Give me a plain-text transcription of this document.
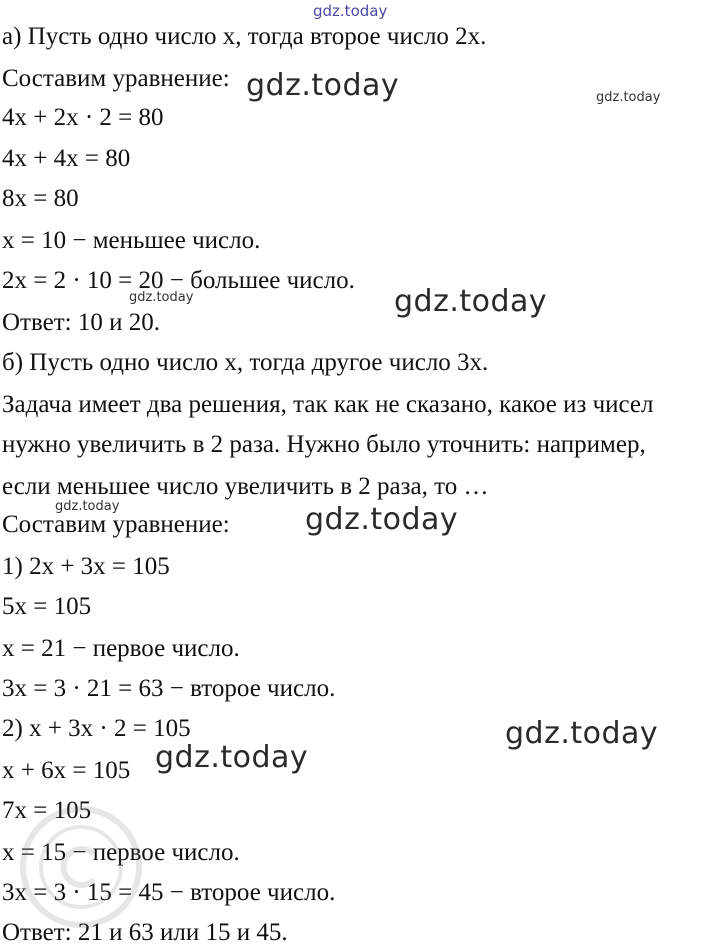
а) Пусть одно число x, тогда второе число 2x.
Составим уравнение:
4x + 2x · 2 = 80
4x + 4x = 80
8x = 80
x = 10 − меньшее число.
2x = 2 · 10 = 20 − большее число.
Ответ: 10 и 20.
б) Пусть одно число x, тогда другое число 3x.
Задача имеет два решения, так как не сказано, какое из чисел
нужно увеличить в 2 раза. Нужно было уточнить: например,
если меньшее число увеличить в 2 раза, то …
Составим уравнение:
1) 2x + 3x = 105
5x = 105
x = 21 − первое число.
3x = 3 · 21 = 63 − второе число.
2) x + 3x · 2 = 105
x + 6x = 105
7x = 105
x = 15 − первое число.
3x = 3 · 15 = 45 − второе число.
Ответ: 21 и 63 или 15 и 45.
gdz.today
gdz.today	gdz.today
gdz.today
gdz.today
gdz.today	gdz.today
gdz.today
gdz.today
